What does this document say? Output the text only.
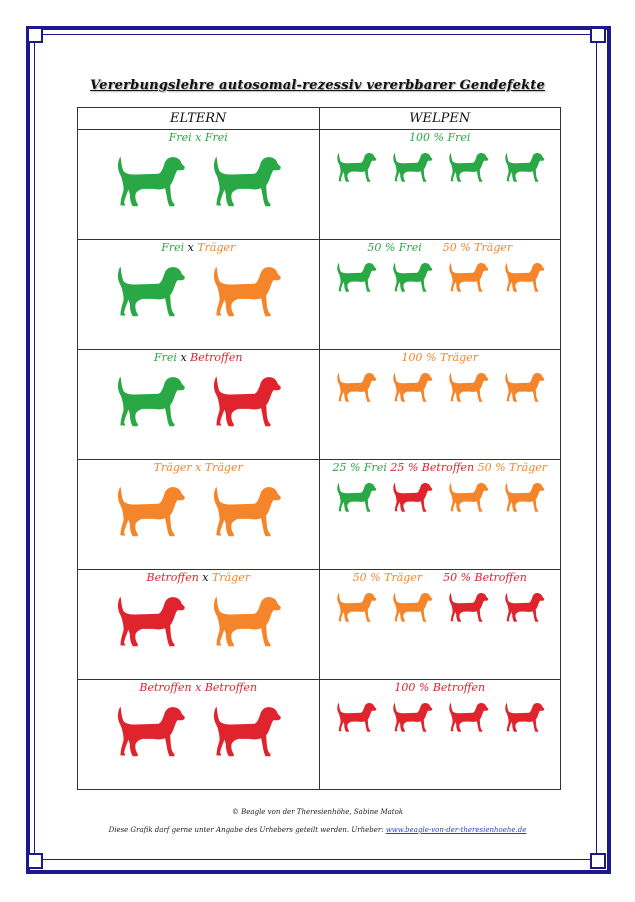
Vererbungslehre autosomal-rezessiv vererbbarer Gendefekte
ELTERN	WELPEN

Frei x Frei	100 % Frei

Frei x Träger	50 % Frei 50 % Träger

Frei x Betroffen	100 % Träger

Träger x Träger	25 % Frei 25 % Betroffen 50 % Träger

Betroffen x Träger	50 % Träger 50 % Betroffen

Betroffen x Betroffen	100 % Betroffen
© Beagle von der Theresienhöhe, Sabine Matok
Diese Grafik darf gerne unter Angabe des Urhebers geteilt werden. Urheber: www.beagle-von-der-theresienhoehe.de
